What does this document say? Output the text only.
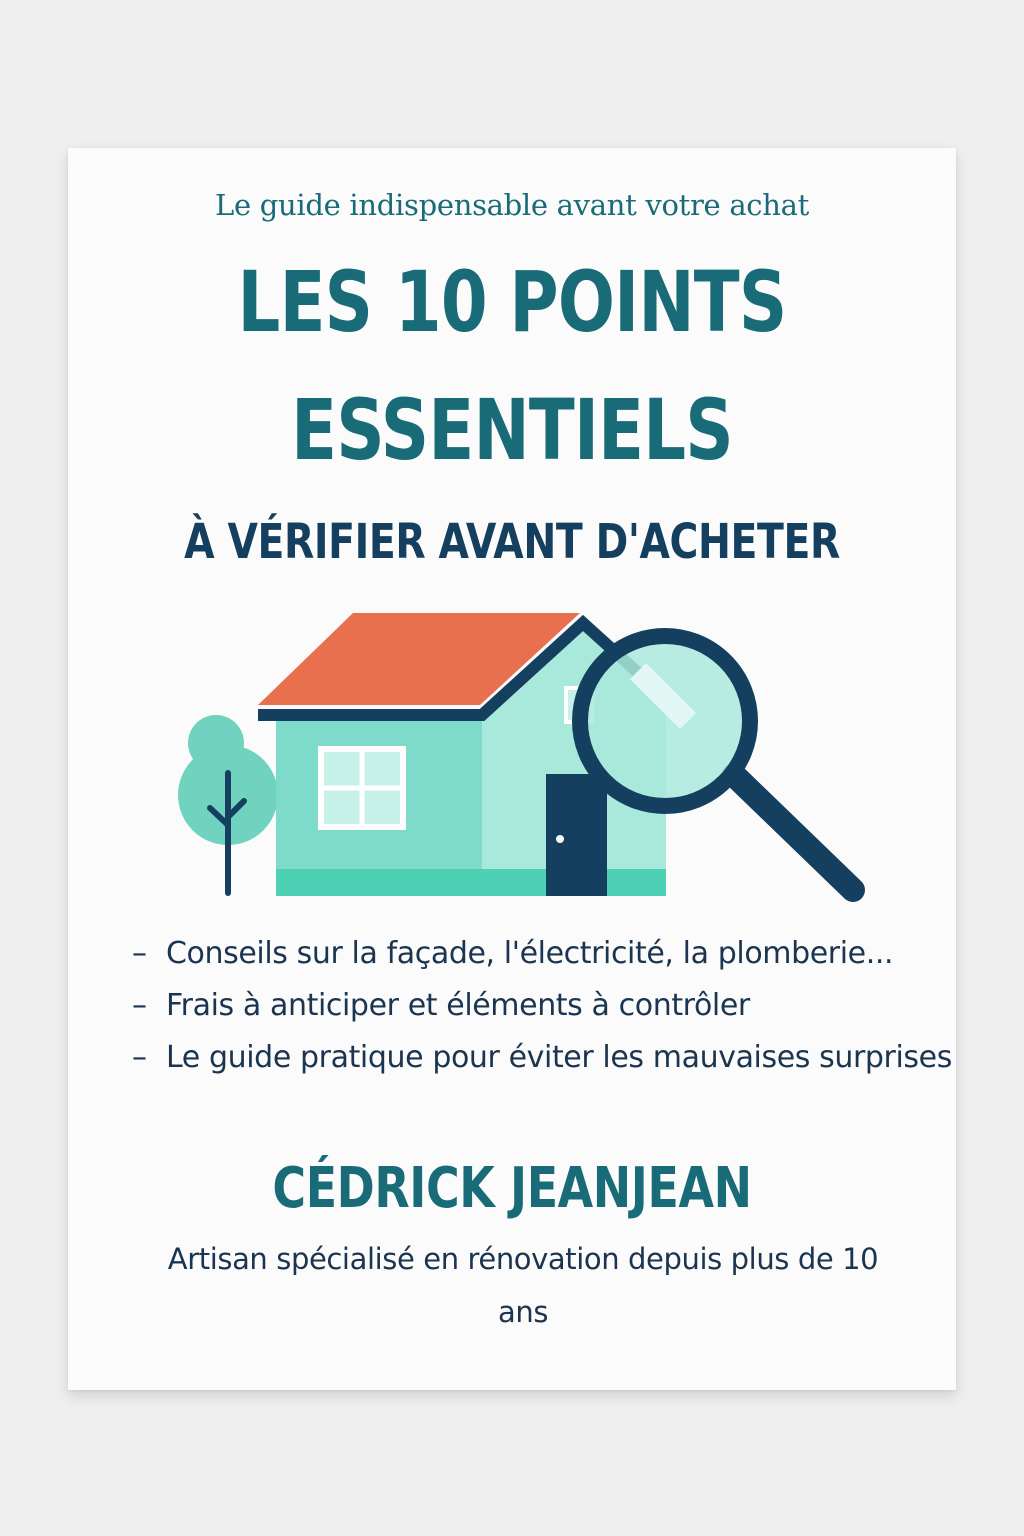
Le guide indispensable avant votre achat
LES 10 POINTS
ESSENTIELS
À VÉRIFIER AVANT D'ACHETER
– Conseils sur la façade, l'électricité, la plomberie...
– Frais à anticiper et éléments à contrôler
– Le guide pratique pour éviter les mauvaises surprises
CÉDRICK JEANJEAN
Artisan spécialisé en rénovation depuis plus de 10 ans
